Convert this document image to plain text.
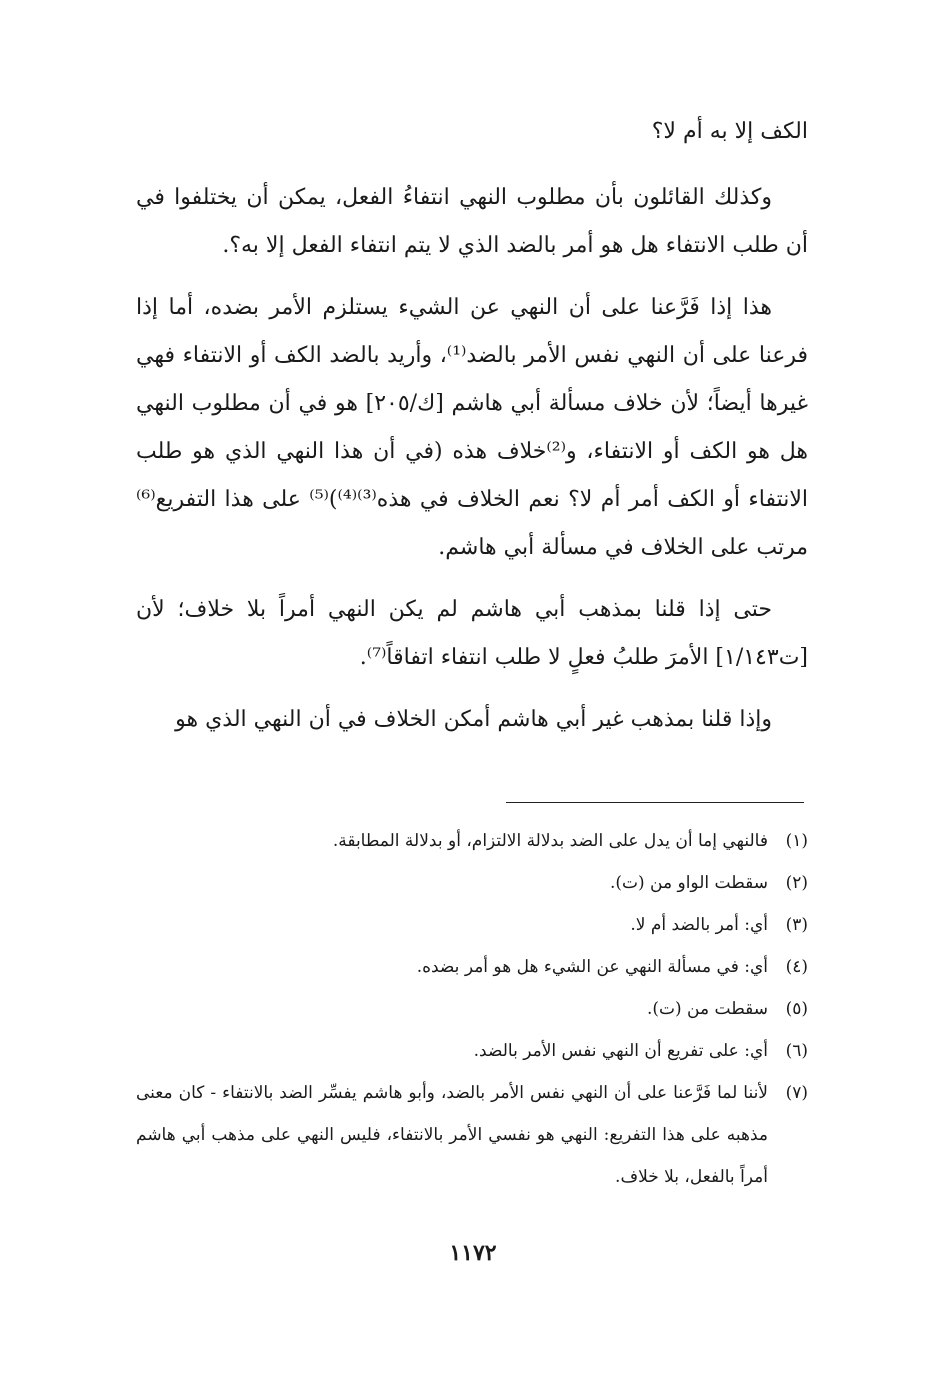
الكف إلا به أم لا؟

وكذلك القائلون بأن مطلوب النهي انتفاءُ الفعل، يمكن أن يختلفوا في أن طلب الانتفاء هل هو أمر بالضد الذي لا يتم انتفاء الفعل إلا به؟.

هذا إذا فَرَّعنا على أن النهي عن الشيء يستلزم الأمر بضده، أما إذا فرعنا على أن النهي نفس الأمر بالضد⁽¹⁾، وأريد بالضد الكف أو الانتفاء فهي غيرها أيضاً؛ لأن خلاف مسألة أبي هاشم [ك/٢٠٥] هو في أن مطلوب النهي هل هو الكف أو الانتفاء، و⁽²⁾خلاف هذه (في أن هذا النهي الذي هو طلب الانتفاء أو الكف أمر أم لا؟ نعم الخلاف في هذه⁽³⁾⁽⁴⁾)⁽⁵⁾ على هذا التفريع⁽⁶⁾ مرتب على الخلاف في مسألة أبي هاشم.

حتى إذا قلنا بمذهب أبي هاشم لم يكن النهي أمراً بلا خلاف؛ لأن [ت١/١٤٣] الأمرَ طلبُ فعلٍ لا طلب انتفاء اتفاقاً⁽⁷⁾.

وإذا قلنا بمذهب غير أبي هاشم أمكن الخلاف في أن النهي الذي هو

(١)
فالنهي إما أن يدل على الضد بدلالة الالتزام، أو بدلالة المطابقة.
(٢)
سقطت الواو من (ت).
(٣)
أي: أمر بالضد أم لا.
(٤)
أي: في مسألة النهي عن الشيء هل هو أمر بضده.
(٥)
سقطت من (ت).
(٦)
أي: على تفريع أن النهي نفس الأمر بالضد.
(٧)
لأننا لما فَرَّعنا على أن النهي نفس الأمر بالضد، وأبو هاشم يفسِّر الضد بالانتفاء - كان معنى مذهبه على هذا التفريع: النهي هو نفسي الأمر بالانتفاء، فليس النهي على مذهب أبي هاشم أمراً بالفعل، بلا خلاف.
١١٧٢
